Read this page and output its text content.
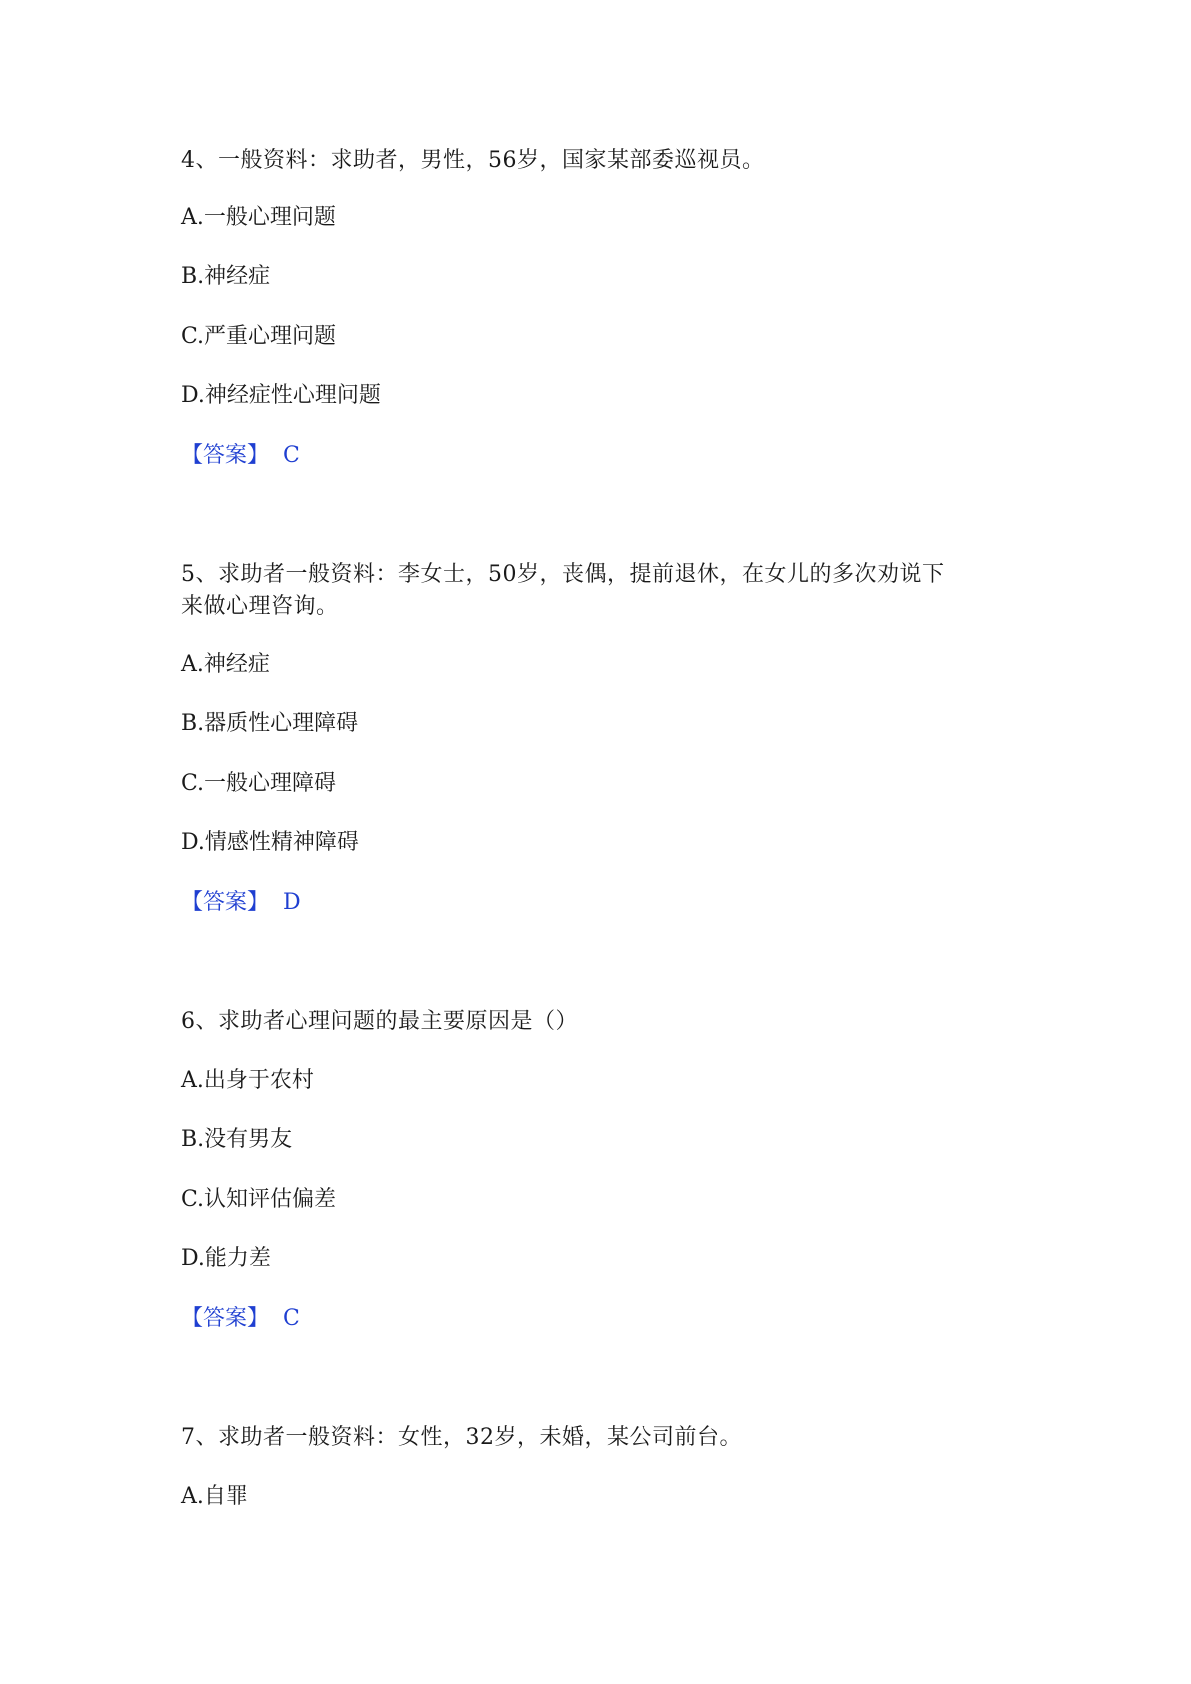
4、一般资料：求助者，男性，56岁，国家某部委巡视员。
A.一般心理问题
B.神经症
C.严重心理问题
D.神经症性心理问题
【答案】 C
5、求助者一般资料：李女士，50岁，丧偶，提前退休，在女儿的多次劝说下
来做心理咨询。
A.神经症
B.器质性心理障碍
C.一般心理障碍
D.情感性精神障碍
【答案】 D
6、求助者心理问题的最主要原因是（）
A.出身于农村
B.没有男友
C.认知评估偏差
D.能力差
【答案】 C
7、求助者一般资料：女性，32岁，未婚，某公司前台。
A.自罪
